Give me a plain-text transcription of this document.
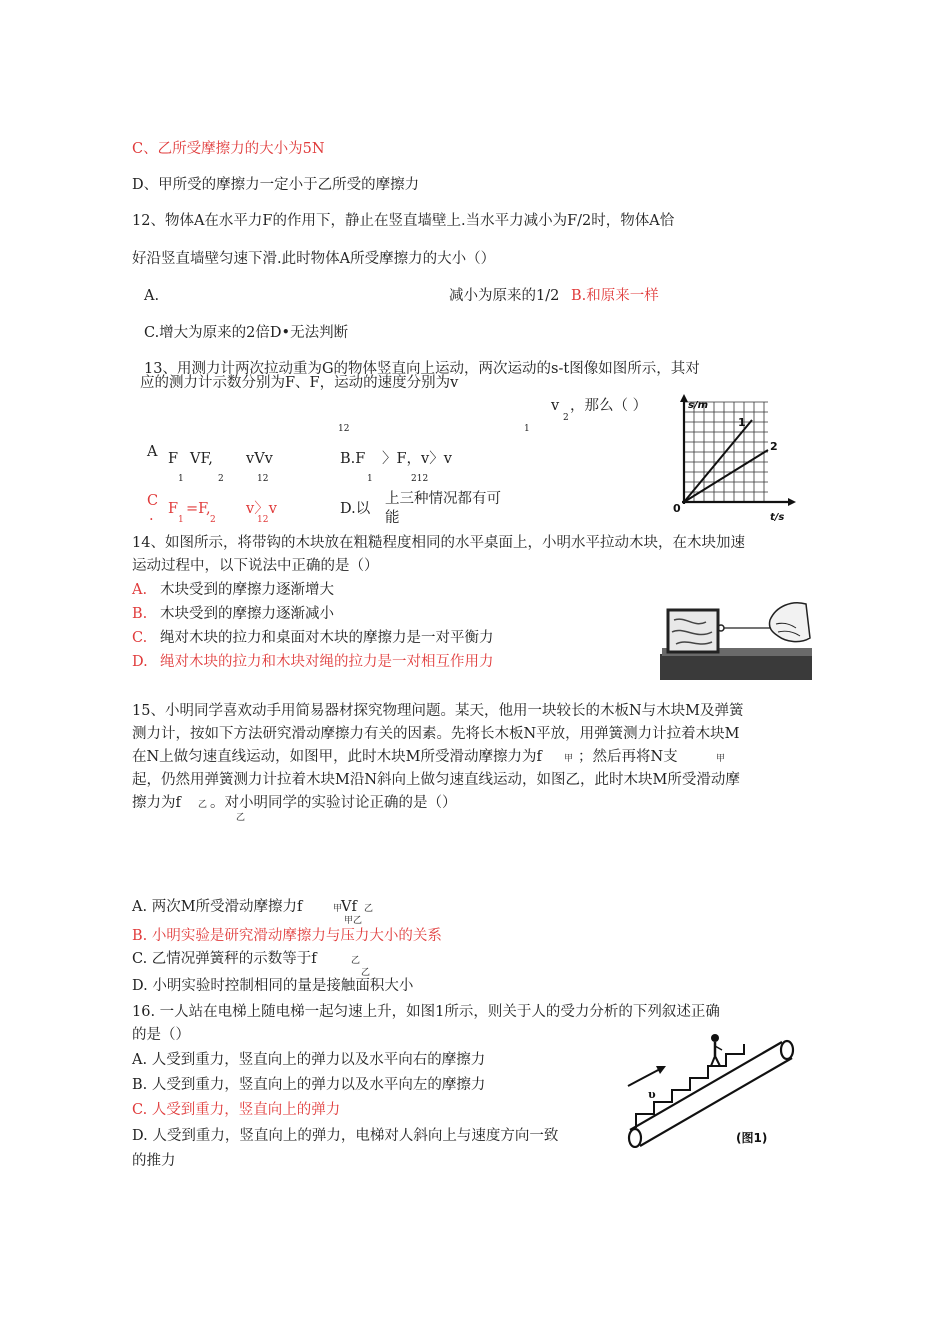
C、乙所受摩擦力的大小为5N
D、甲所受的摩擦力一定小于乙所受的摩擦力
12、物体A在水平力F的作用下，静止在竖直墙壁上.当水平力减小为F/2时，物体A恰
好沿竖直墙壁匀速下滑.此时物体A所受摩擦力的大小（）
A.	减小为原来的1/2 B.和原来一样
C.增大为原来的2倍D•无法判断
13、用测力计两次拉动重为G的物体竖直向上运动，两次运动的s-t图像如图所示，其对
应的测力计示数分别为F、F，运动的速度分别为v
v
2
，那么（ ）
12	1
A F VF, vVv
1	2	12
B.F 〉F，v〉v
1	212
C
. F =F, v〉v
1	2	12
D.以
上三种情况都有可
能
s/m
t/s
0
1
2
14、如图所示，将带钩的木块放在粗糙程度相同的水平桌面上，小明水平拉动木块，在木块加速
运动过程中，以下说法中正确的是（）
A. 木块受到的摩擦力逐渐增大
B. 木块受到的摩擦力逐渐减小
C. 绳对木块的拉力和桌面对木块的摩擦力是一对平衡力
D. 绳对木块的拉力和木块对绳的拉力是一对相互作用力
15、小明同学喜欢动手用简易器材探究物理问题。某天，他用一块较长的木板N与木块M及弹簧
测力计，按如下方法研究滑动摩擦力有关的因素。先将长木板N平放，用弹簧测力计拉着木块M
在N上做匀速直线运动，如图甲，此时木块M所受滑动摩擦力为f 甲 ；然后再将N支	甲
起，仍然用弹簧测力计拉着木块M沿N斜向上做匀速直线运动，如图乙，此时木块M所受滑动摩
擦力为f 乙 。对小明同学的实验讨论正确的是（）
乙
A. 两次M所受滑动摩擦力f	甲
Vf 乙
甲乙
B. 小明实验是研究滑动摩擦力与压力大小的关系
C. 乙情况弹簧秤的示数等于f	乙
乙
D. 小明实验时控制相同的量是接触面积大小
16. 一人站在电梯上随电梯一起匀速上升，如图1所示，则关于人的受力分析的下列叙述正确
的是（）
A. 人受到重力，竖直向上的弹力以及水平向右的摩擦力
B. 人受到重力，竖直向上的弹力以及水平向左的摩擦力
C. 人受到重力，竖直向上的弹力
D. 人受到重力，竖直向上的弹力，电梯对人斜向上与速度方向一致
的推力
υ
(图1)
